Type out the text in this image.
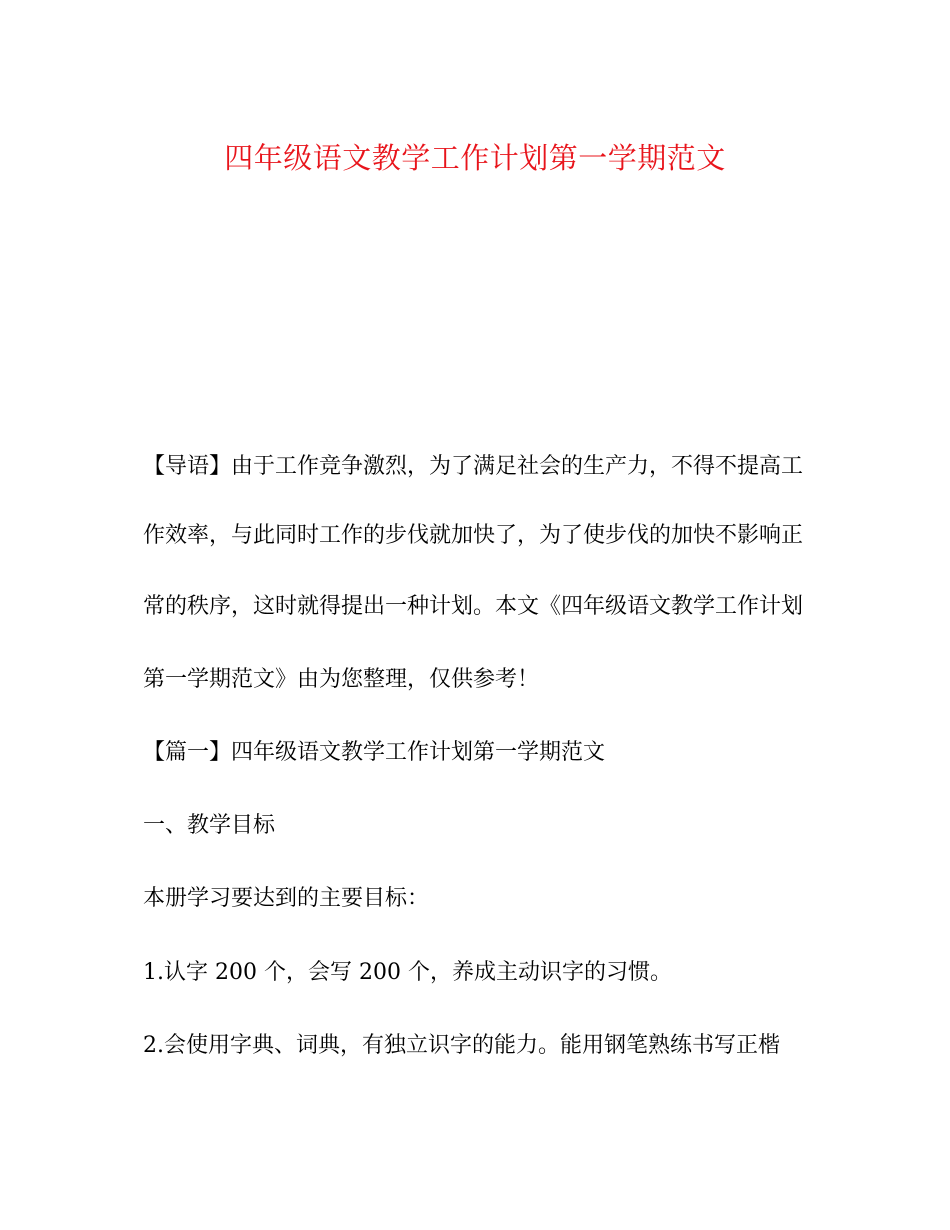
四年级语文教学工作计划第一学期范文

【导语】由于工作竞争激烈，为了满足社会的生产力，不得不提高工

作效率，与此同时工作的步伐就加快了，为了使步伐的加快不影响正

常的秩序，这时就得提出一种计划。本文《四年级语文教学工作计划

第一学期范文》由为您整理，仅供参考！

【篇一】四年级语文教学工作计划第一学期范文

一、教学目标

本册学习要达到的主要目标：

1.认字 200 个，会写 200 个，养成主动识字的习惯。

2.会使用字典、词典，有独立识字的能力。能用钢笔熟练书写正楷
